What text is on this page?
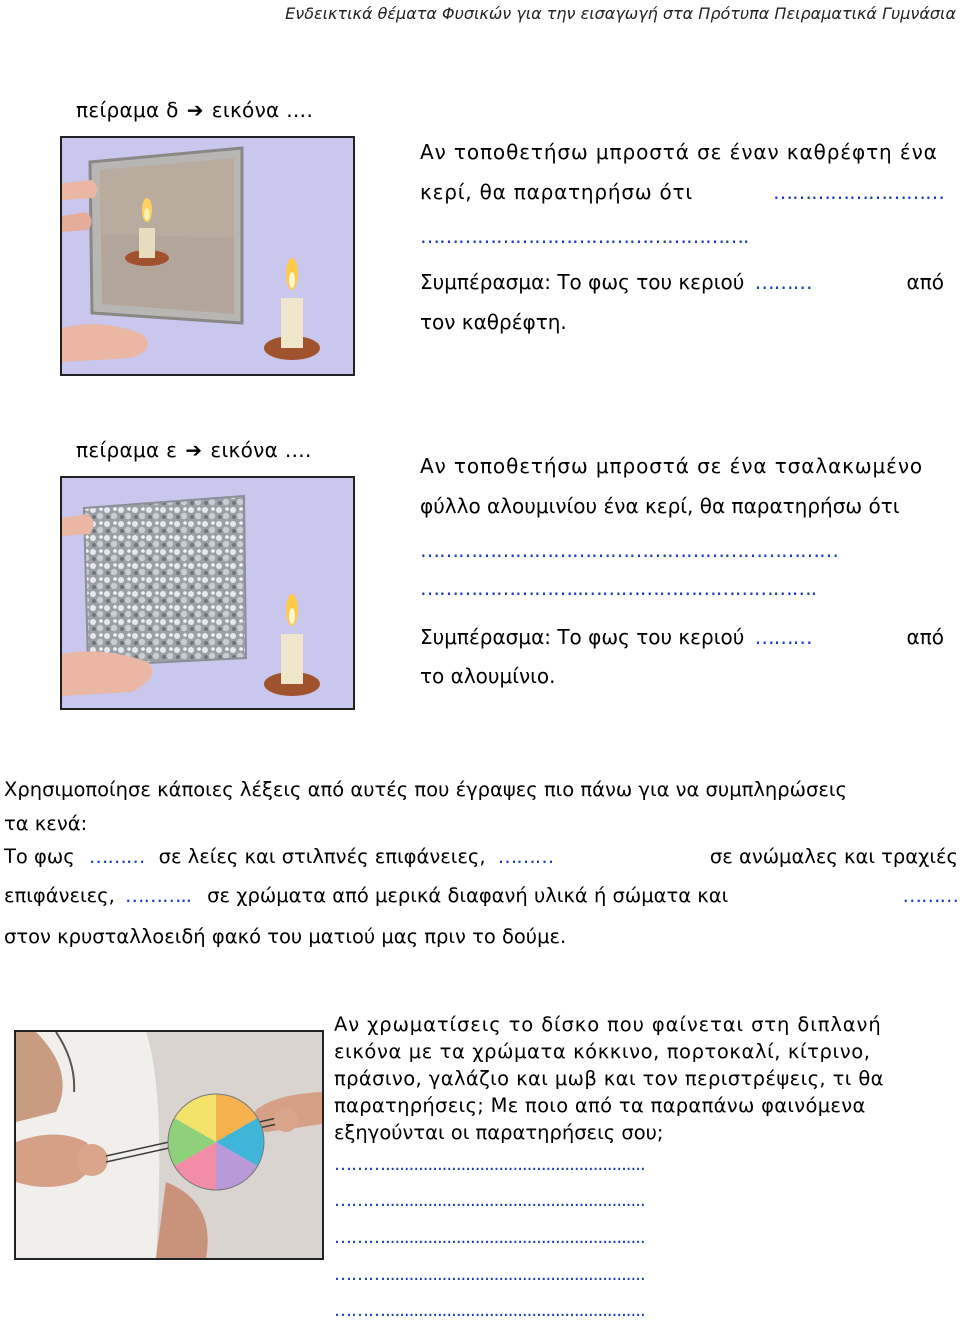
Ενδεικτικά θέματα Φυσικών για την εισαγωγή στα Πρότυπα Πειραματικά Γυμνάσια
πείραμα δ ➔ εικόνα ….
Αν τοποθετήσω μπροστά σε έναν καθρέφτη ένα
κερί, θα παρατηρήσω ότι	………………………
…………………………………………….
Συμπέρασμα: Το φως του κεριού ………	από
τον καθρέφτη.
πείραμα ε ➔ εικόνα ….
Αν τοποθετήσω μπροστά σε ένα τσαλακωμένο
φύλλο αλουμινίου ένα κερί, θα παρατηρήσω ότι
…………………………………………………………
……………………..……………………………….
Συμπέρασμα: Το φως του κεριού ………	από
το αλουμίνιο.
Χρησιμοποίησε κάποιες λέξεις από αυτές που έγραψες πιο πάνω για να συμπληρώσεις
τα κενά:
Το φως ……… σε λείες και στιλπνές επιφάνειες, ………	σε ανώμαλες και τραχιές
επιφάνειες, ……….. σε χρώματα από μερικά διαφανή υλικά ή σώματα και	………
στον κρυσταλλοειδή φακό του ματιού μας πριν το δούμε.
Αν χρωματίσεις το δίσκο που φαίνεται στη διπλανή
εικόνα με τα χρώματα κόκκινο, πορτοκαλί, κίτρινο,
πράσινο, γαλάζιο και μωβ και τον περιστρέψεις, τι θα
παρατηρήσεις; Με ποιο από τα παραπάνω φαινόμενα
εξηγούνται οι παρατηρήσεις σου;
……….......................................................
……….......................................................
……….......................................................
……….......................................................
……….......................................................
